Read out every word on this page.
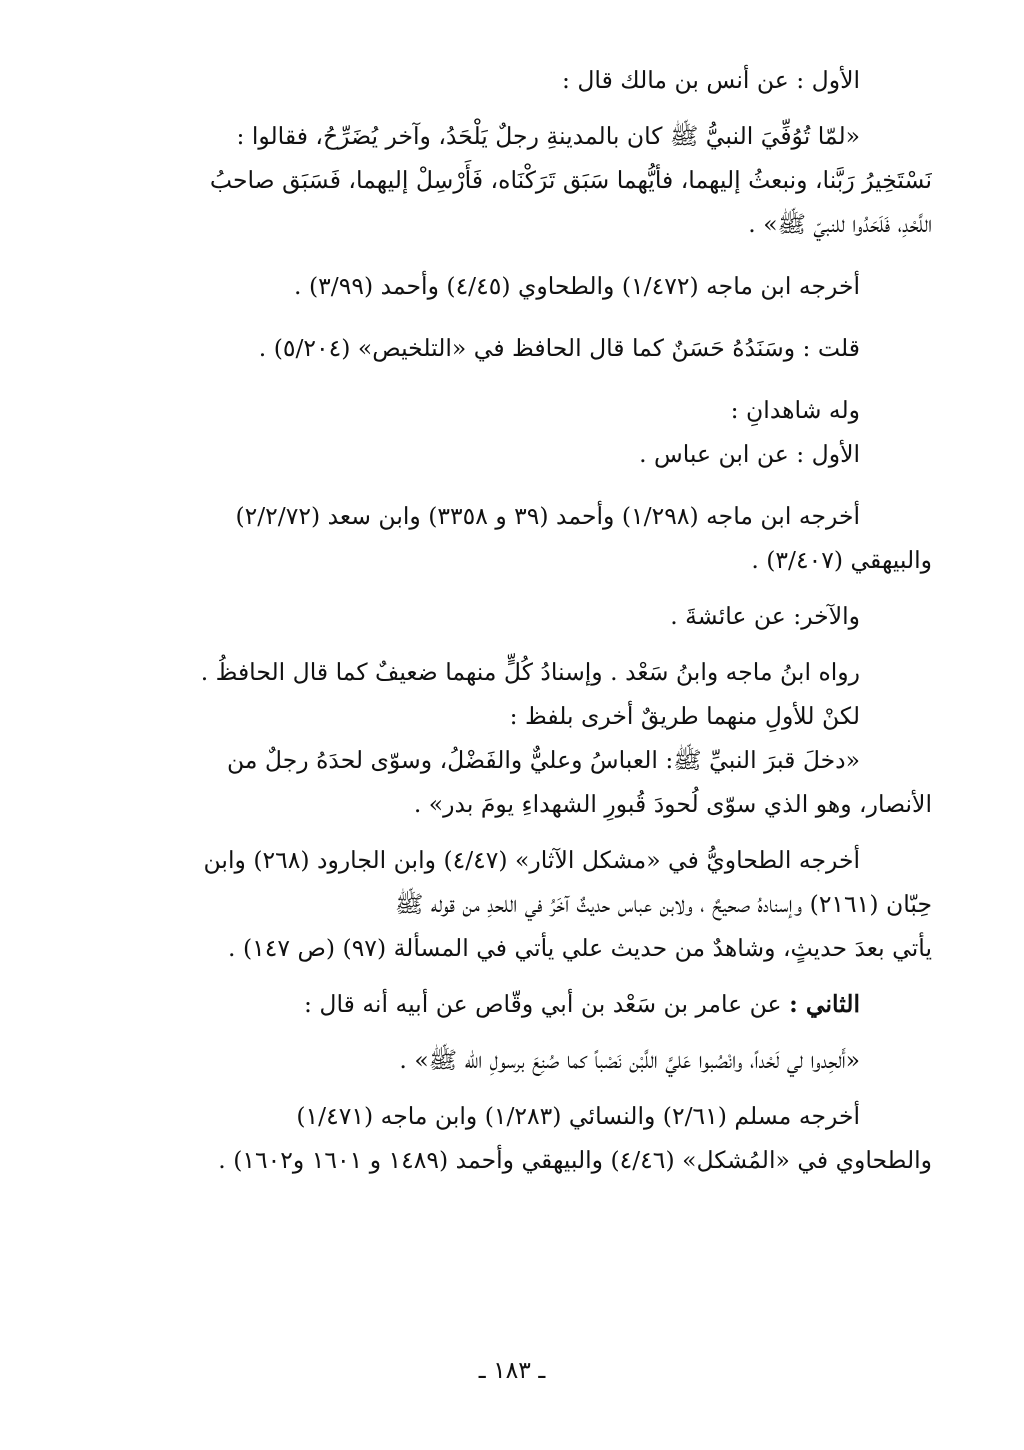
الأول : عن أنس بن مالك قال :
«لمّا تُوُفِّيَ النبيُّ ﷺ كان بالمدينةِ رجلٌ يَلْحَدُ، وآخر يُضَرِّحُ، فقالوا :
نَسْتَخِيرُ رَبَّنا، ونبعثُ إليهما، فأيُّهما سَبَق تَرَكْنَاه، فَأَرْسِلْ إليهما، فَسَبَق صاحبُ
اللَّحْدِ، فَلَحَدُوا للنبيّ ﷺ» .
أخرجه ابن ماجه (١/٤٧٢) والطحاوي (٤/٤٥) وأحمد (٣/٩٩) .
قلت : وسَنَدُهُ حَسَنٌ كما قال الحافظ في «التلخيص» (٥/٢٠٤) .
وله شاهدانِ :
الأول : عن ابن عباس .
أخرجه ابن ماجه (١/٢٩٨) وأحمد (٣٩ و ٣٣٥٨) وابن سعد (٢/٢/٧٢)
والبيهقي (٣/٤٠٧) .
والآخر: عن عائشةَ .
رواه ابنُ ماجه وابنُ سَعْد . وإسنادُ كُلٍّ منهما ضعيفٌ كما قال الحافظُ .
لكنْ للأولِ منهما طريقٌ أخرى بلفظ :
«دخلَ قبرَ النبيِّ ﷺ: العباسُ وعليٌّ والفَضْلُ، وسوّى لحدَهُ رجلٌ من
الأنصار، وهو الذي سوّى لُحودَ قُبورِ الشهداءِ يومَ بدر» .
أخرجه الطحاويُّ في «مشكل الآثار» (٤/٤٧) وابن الجارود (٢٦٨) وابن
حِبّان (٢١٦١) وإسنادهُ صحيحٌ ، ولابن عباس حديثٌ آخَرُ في اللحدِ من قوله ﷺ
يأتي بعدَ حديثٍ، وشاهدٌ من حديث علي يأتي في المسألة (٩٧) (ص ١٤٧) .
الثاني : عن عامر بن سَعْد بن أبي وقّاص عن أبيه أنه قال :
«أَلحِدوا لي لَحْداً، وانْصُبوا عَليَّ اللَّبْن نَصْباً كما صُنِعَ برسولِ الله ﷺ» .
أخرجه مسلم (٢/٦١) والنسائي (١/٢٨٣) وابن ماجه (١/٤٧١)
والطحاوي في «المُشكل» (٤/٤٦) والبيهقي وأحمد (١٤٨٩ و ١٦٠١ و١٦٠٢) .
ـ ١٨٣ ـ
